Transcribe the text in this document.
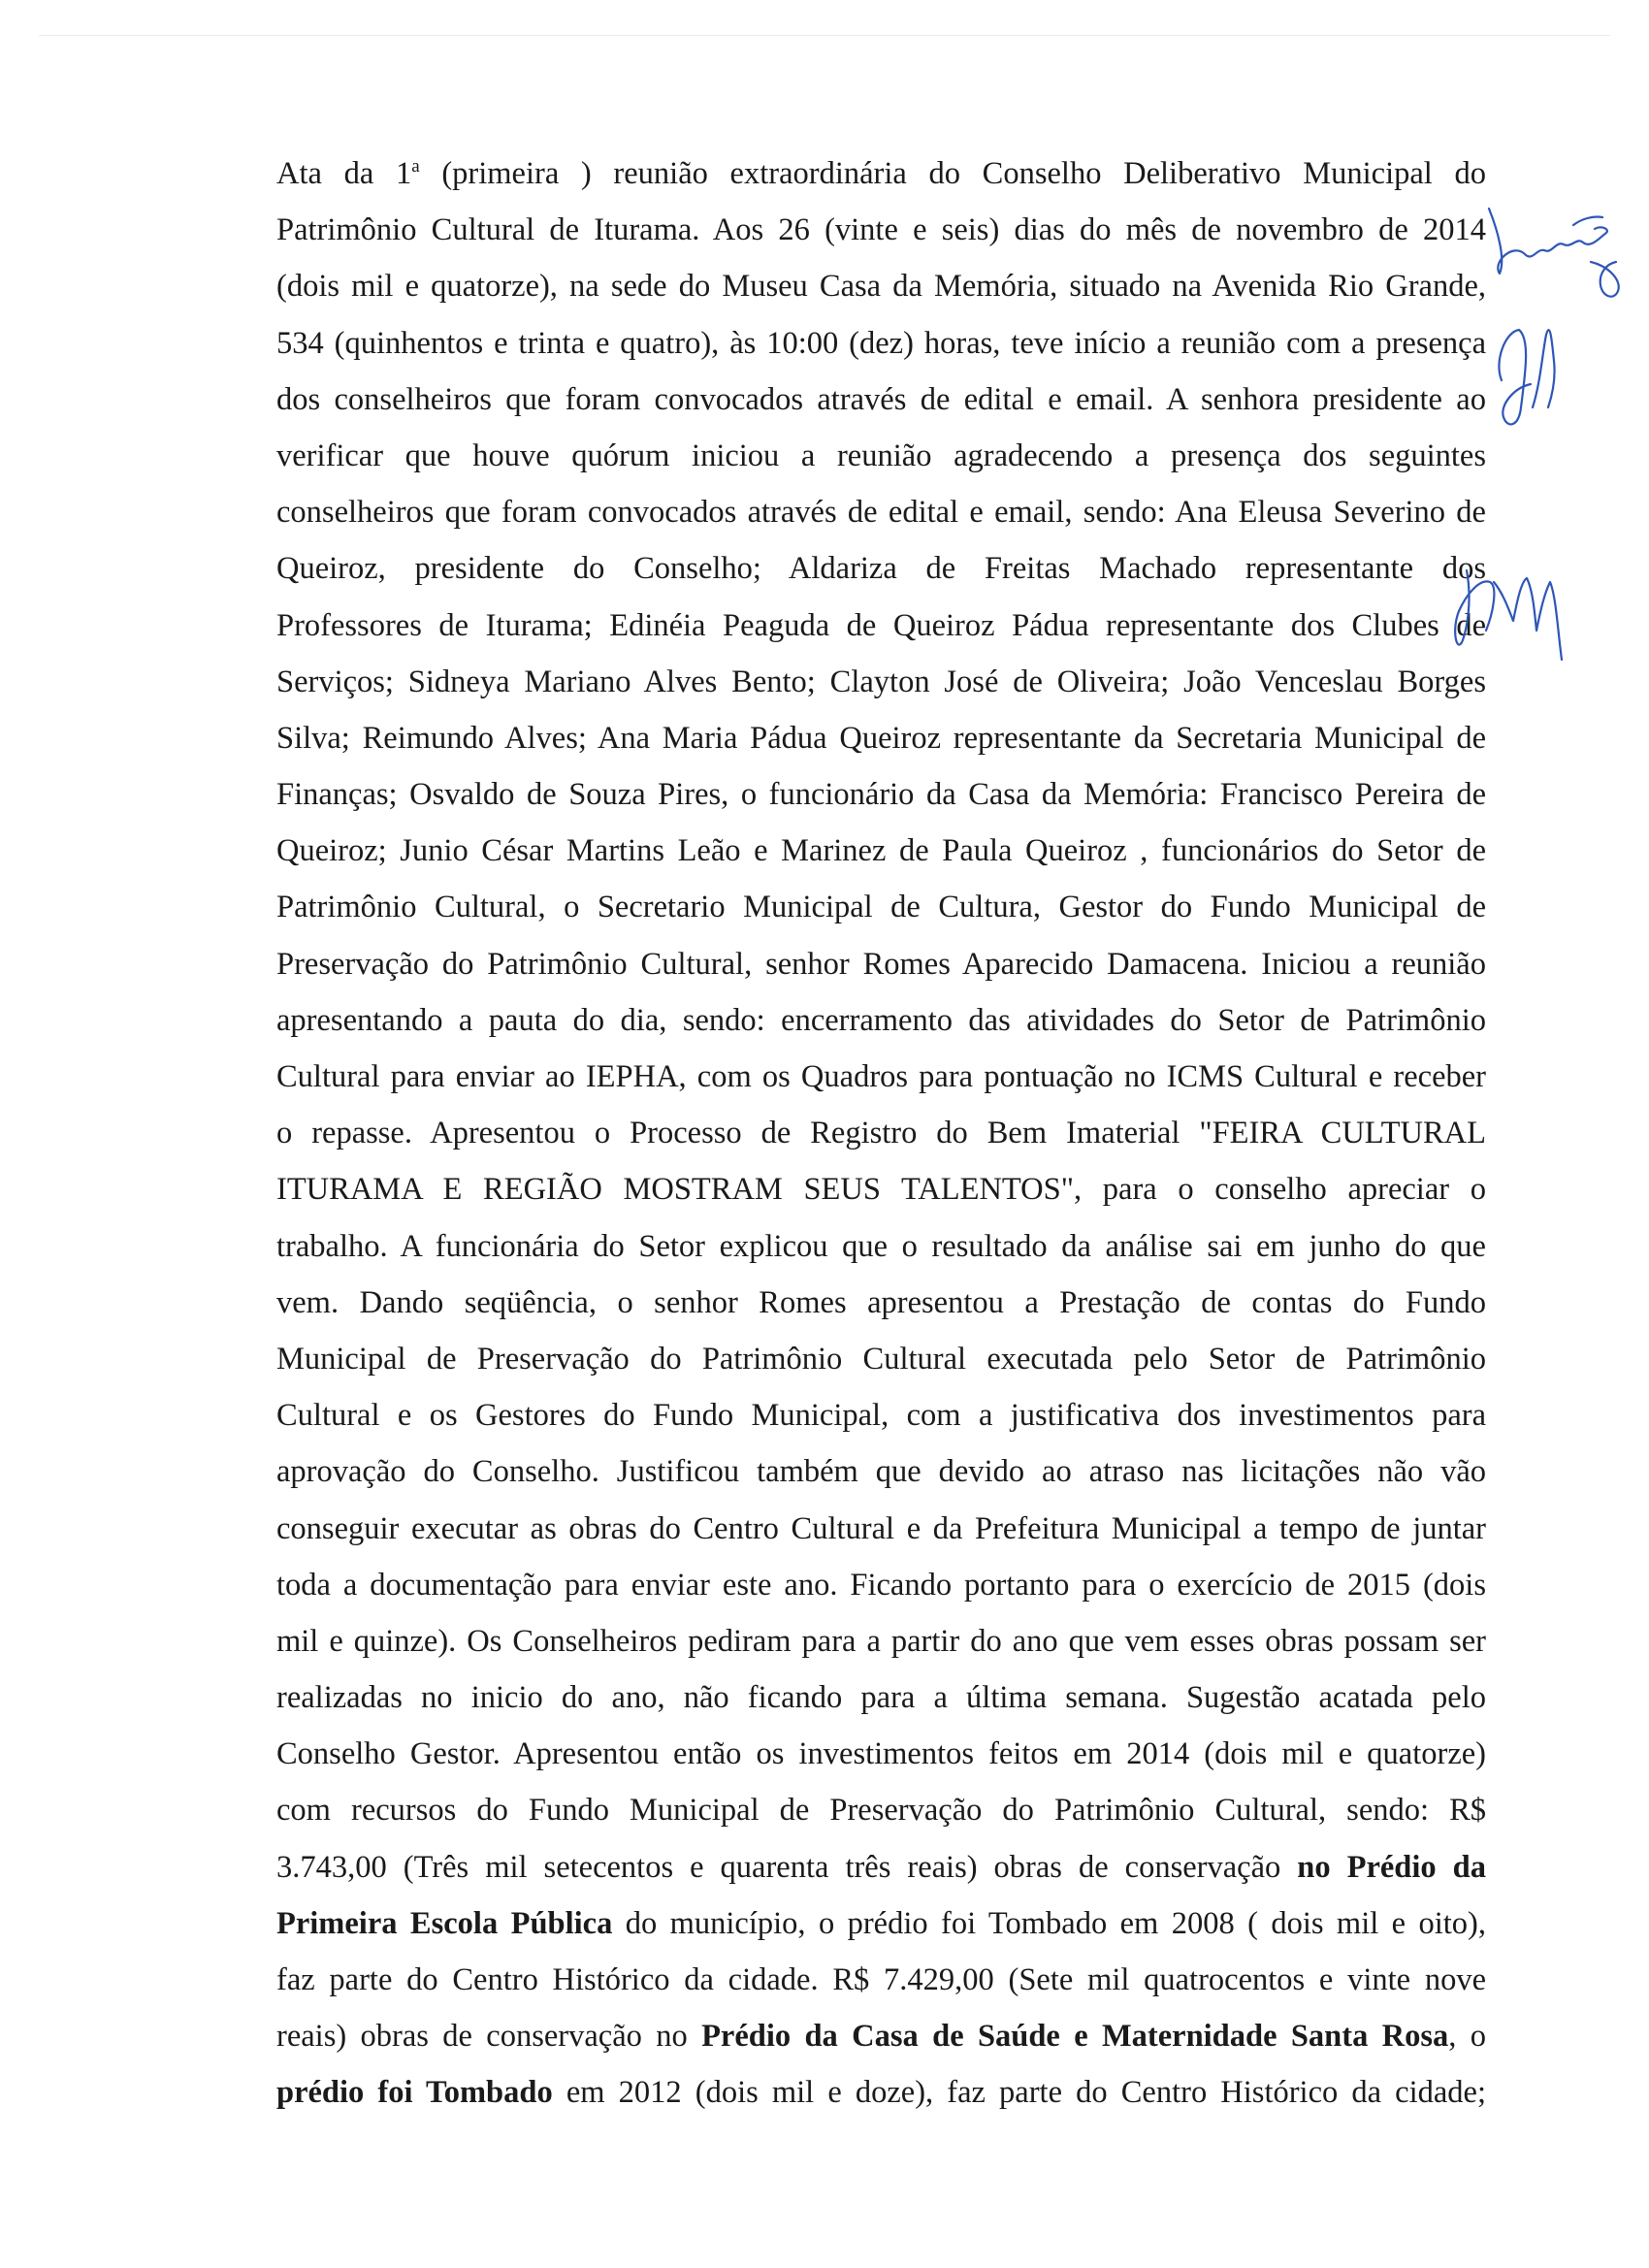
Ata da 1$^a$ (primeira ) reunião extraordinária do Conselho Deliberativo Municipal do
Patrimônio Cultural de Iturama. Aos 26 (vinte e seis) dias do mês de novembro de 2014
(dois mil e quatorze), na sede do Museu Casa da Memória, situado na Avenida Rio Grande,
534 (quinhentos e trinta e quatro), às 10:00 (dez) horas, teve início a reunião com a presença
dos conselheiros que foram convocados através de edital e email. A senhora presidente ao
verificar que houve quórum iniciou a reunião agradecendo a presença dos seguintes
conselheiros que foram convocados através de edital e email, sendo: Ana Eleusa Severino de
Queiroz, presidente do Conselho; Aldariza de Freitas Machado representante dos
Professores de Iturama; Edinéia Peaguda de Queiroz Pádua representante dos Clubes de
Serviços; Sidneya Mariano Alves Bento; Clayton José de Oliveira; João Venceslau Borges
Silva; Reimundo Alves; Ana Maria Pádua Queiroz representante da Secretaria Municipal de
Finanças; Osvaldo de Souza Pires, o funcionário da Casa da Memória: Francisco Pereira de
Queiroz; Junio César Martins Leão e Marinez de Paula Queiroz , funcionários do Setor de
Patrimônio Cultural, o Secretario Municipal de Cultura, Gestor do Fundo Municipal de
Preservação do Patrimônio Cultural, senhor Romes Aparecido Damacena. Iniciou a reunião
apresentando a pauta do dia, sendo: encerramento das atividades do Setor de Patrimônio
Cultural para enviar ao IEPHA, com os Quadros para pontuação no ICMS Cultural e receber
o repasse. Apresentou o Processo de Registro do Bem Imaterial "FEIRA CULTURAL
ITURAMA E REGIÃO MOSTRAM SEUS TALENTOS", para o conselho apreciar o
trabalho. A funcionária do Setor explicou que o resultado da análise sai em junho do que
vem. Dando seqüência, o senhor Romes apresentou a Prestação de contas do Fundo
Municipal de Preservação do Patrimônio Cultural executada pelo Setor de Patrimônio
Cultural e os Gestores do Fundo Municipal, com a justificativa dos investimentos para
aprovação do Conselho. Justificou também que devido ao atraso nas licitações não vão
conseguir executar as obras do Centro Cultural e da Prefeitura Municipal a tempo de juntar
toda a documentação para enviar este ano. Ficando portanto para o exercício de 2015 (dois
mil e quinze). Os Conselheiros pediram para a partir do ano que vem esses obras possam ser
realizadas no inicio do ano, não ficando para a última semana. Sugestão acatada pelo
Conselho Gestor. Apresentou então os investimentos feitos em 2014 (dois mil e quatorze)
com recursos do Fundo Municipal de Preservação do Patrimônio Cultural, sendo: R$
3.743,00 (Três mil setecentos e quarenta três reais) obras de conservação no Prédio da
Primeira Escola Pública do município, o prédio foi Tombado em 2008 ( dois mil e oito),
faz parte do Centro Histórico da cidade. R$ 7.429,00 (Sete mil quatrocentos e vinte nove
reais) obras de conservação no Prédio da Casa de Saúde e Maternidade Santa Rosa, o
prédio foi Tombado em 2012 (dois mil e doze), faz parte do Centro Histórico da cidade;
